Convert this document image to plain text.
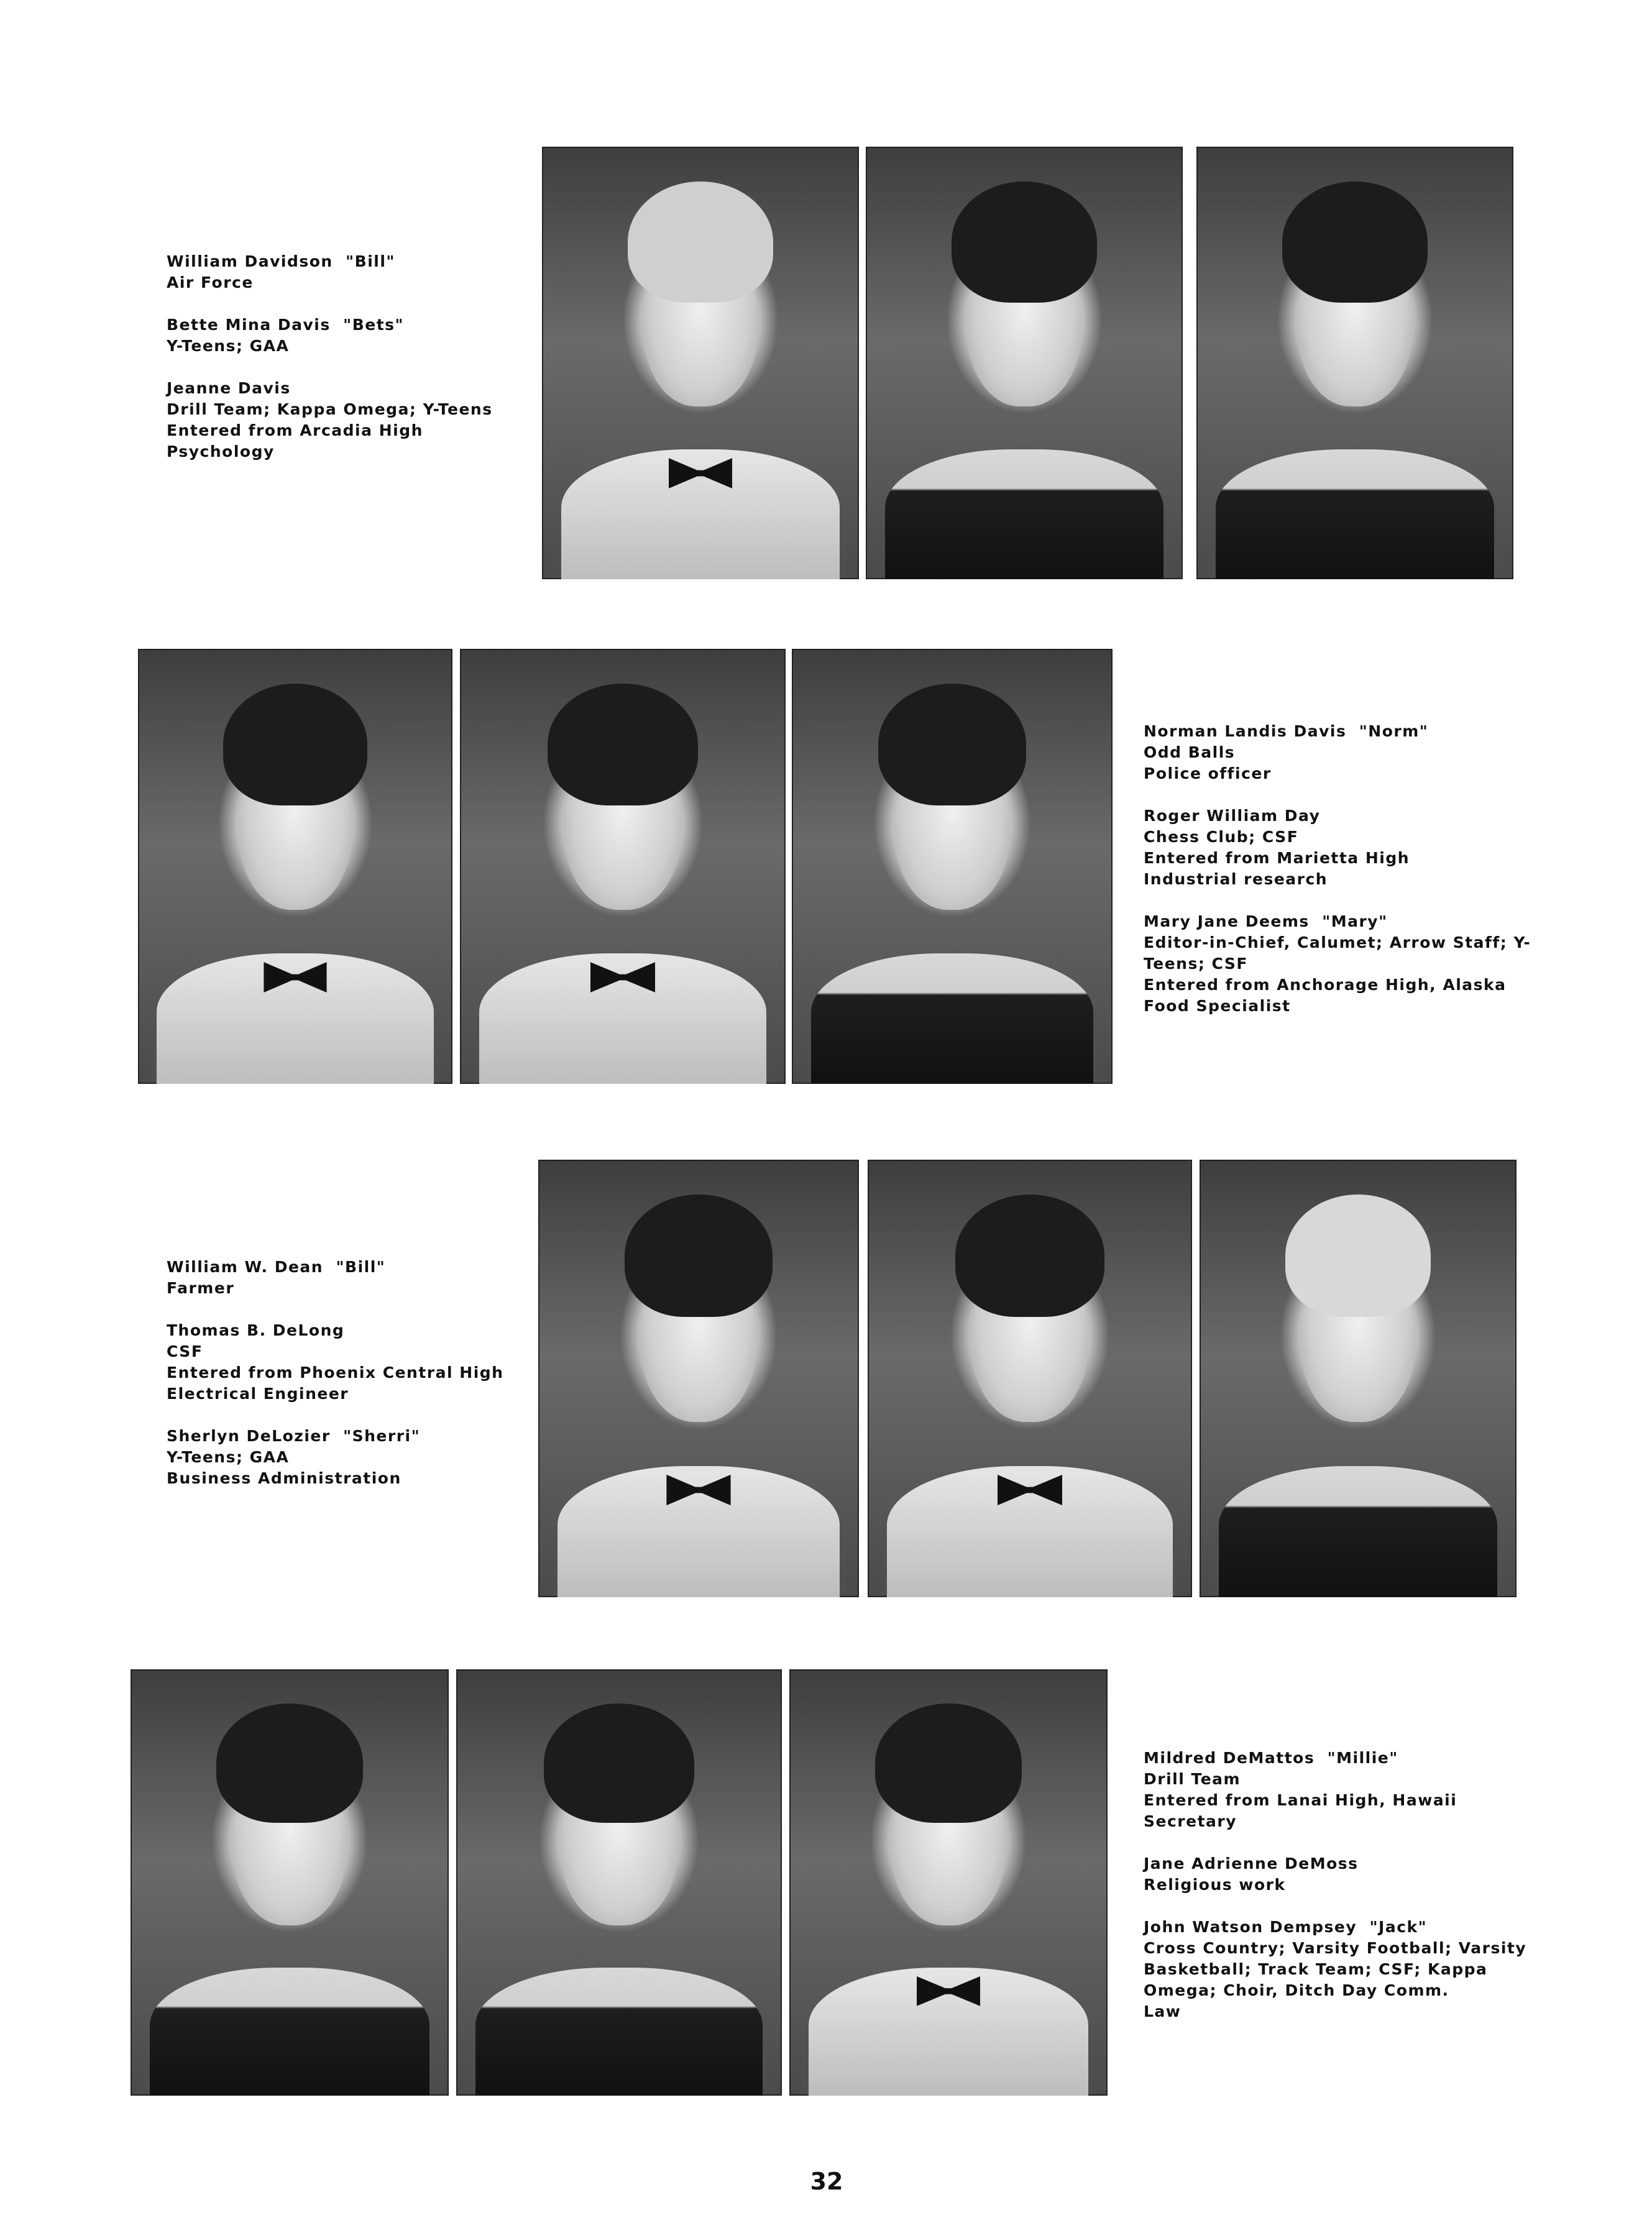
William Davidson  "Bill"
Air Force
Bette Mina Davis  "Bets"
Y-Teens; GAA
Jeanne Davis
Drill Team; Kappa Omega; Y-Teens
Entered from Arcadia High
Psychology
Norman Landis Davis  "Norm"
Odd Balls
Police officer
Roger William Day
Chess Club; CSF
Entered from Marietta High
Industrial research
Mary Jane Deems  "Mary"
Editor-in-Chief, Calumet; Arrow Staff; Y-
Teens; CSF
Entered from Anchorage High, Alaska
Food Specialist
William W. Dean  "Bill"
Farmer
Thomas B. DeLong
CSF
Entered from Phoenix Central High
Electrical Engineer
Sherlyn DeLozier  "Sherri"
Y-Teens; GAA
Business Administration
Mildred DeMattos  "Millie"
Drill Team
Entered from Lanai High, Hawaii
Secretary
Jane Adrienne DeMoss
Religious work
John Watson Dempsey  "Jack"
Cross Country; Varsity Football; Varsity
Basketball; Track Team; CSF; Kappa
Omega; Choir, Ditch Day Comm.
Law
32
